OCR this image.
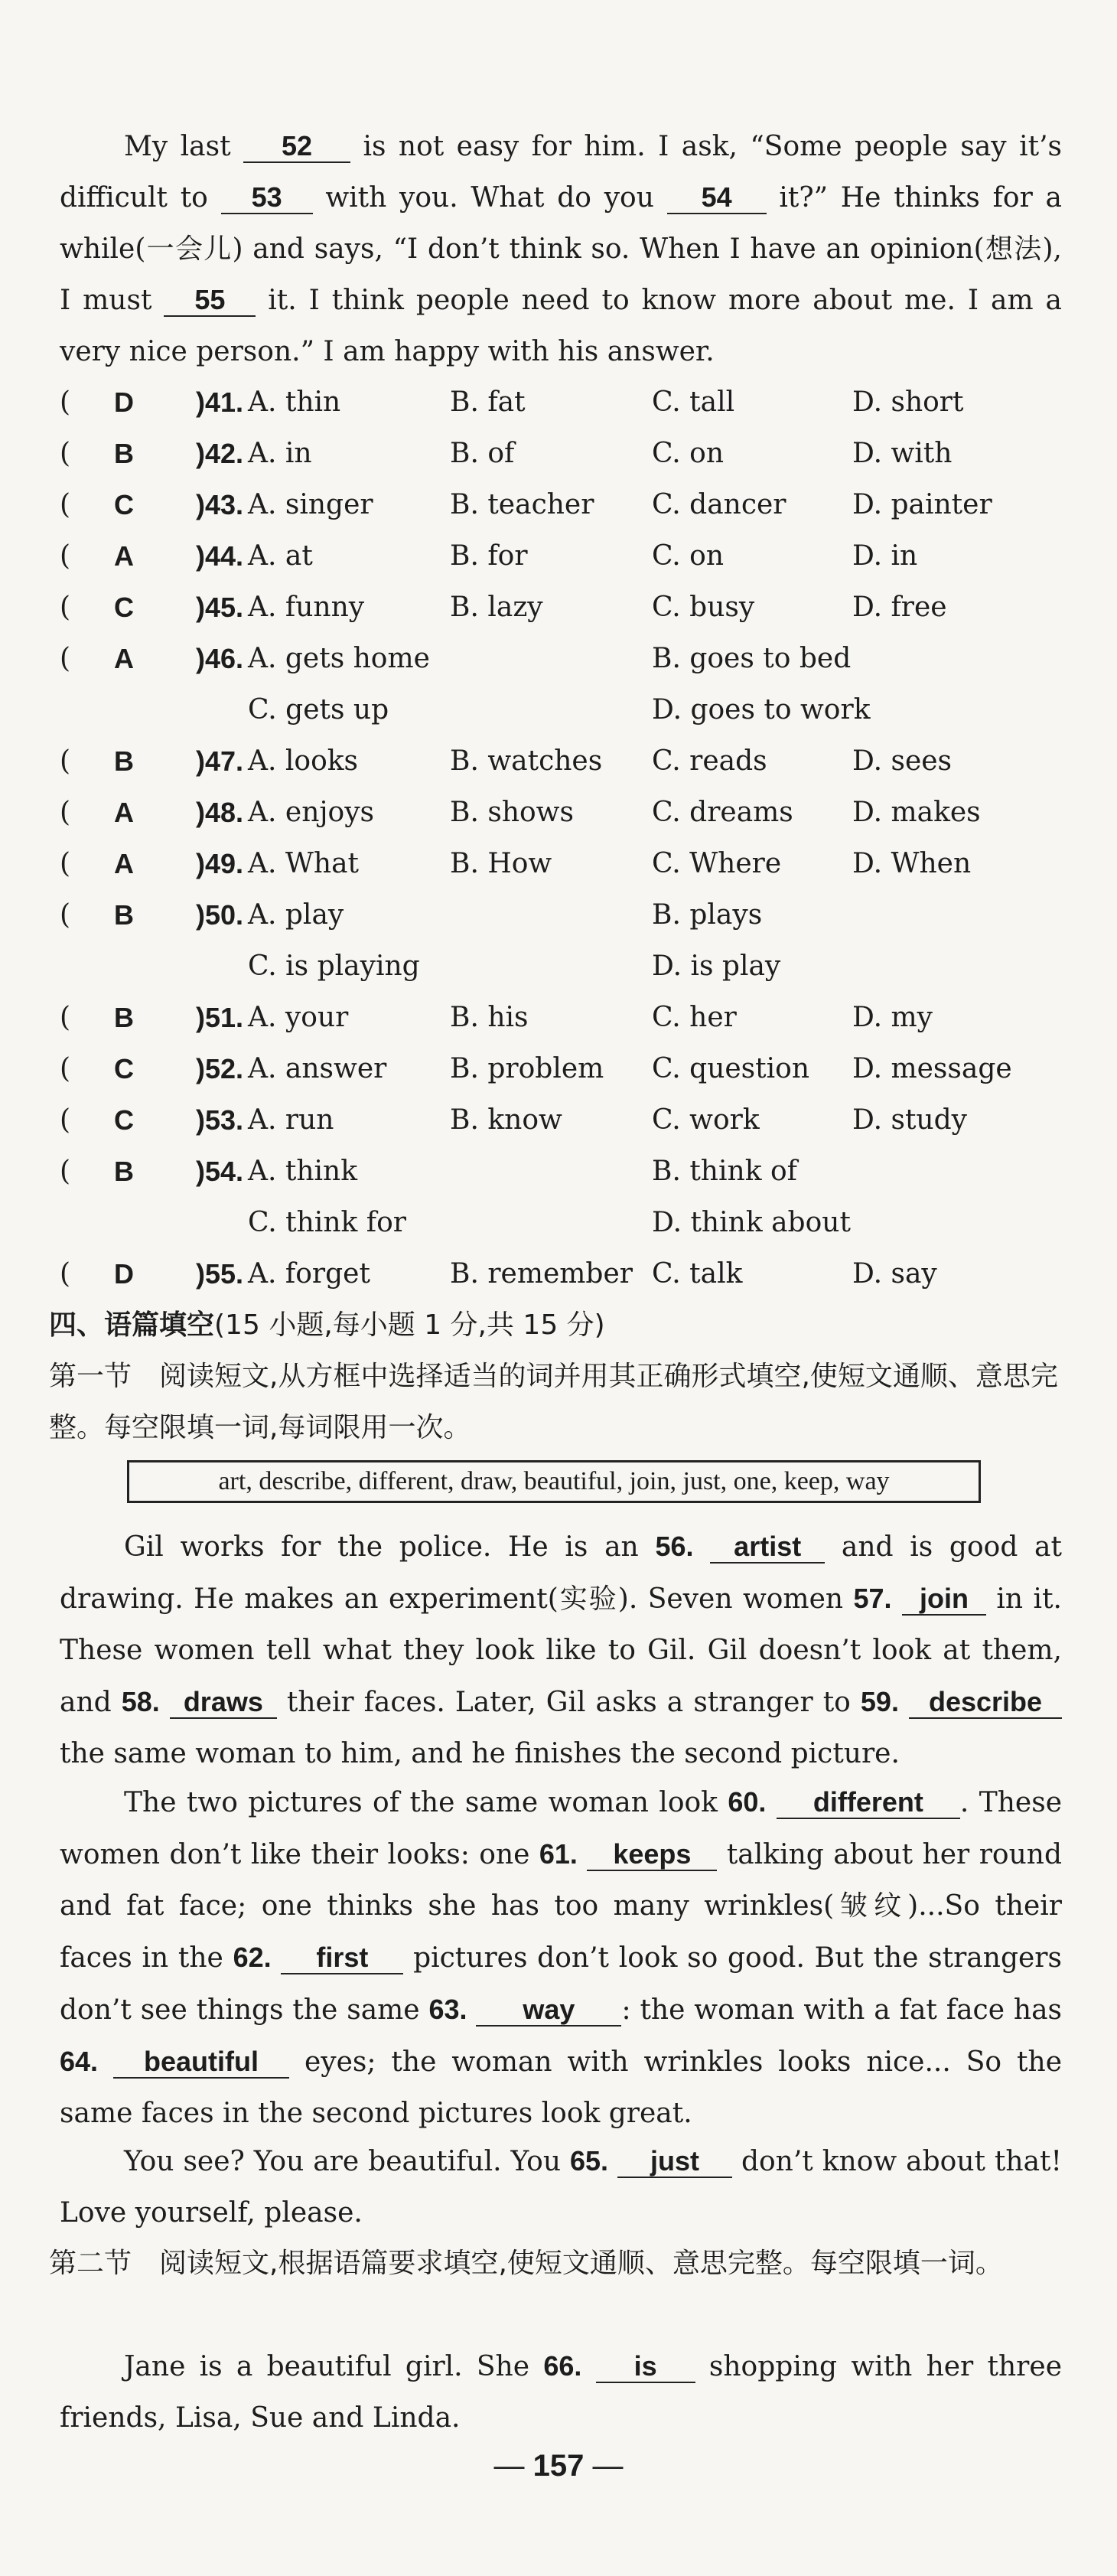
My last 52 is not easy for him. I ask, “Some people say it’s difficult to 53 with you. What do you 54 it?” He thinks for a while(一会儿) and says, “I don’t think so. When I have an opinion(想法), I must 55 it. I think people need to know more about me. I am a very nice person.” I am happy with his answer.
( D )41. A. thin	B. fat	C. tall	D. short
( B )42. A. in	B. of	C. on	D. with
( C )43. A. singer	B. teacher C. dancer D. painter
( A )44. A. at	B. for	C. on	D. in
( C )45. A. funny	B. lazy	C. busy	D. free
( A )46. A. gets home	B. goes to bed
C. gets up	D. goes to work
( B )47. A. looks	B. watches C. reads	D. sees
( A )48. A. enjoys	B. shows	C. dreams D. makes
( A )49. A. What	B. How	C. Where	D. When
( B )50. A. play	B. plays
C. is playing	D. is play
( B )51. A. your	B. his	C. her	D. my
( C )52. A. answer B. problem C. question D. message
( C )53. A. run	B. know	C. work	D. study
( B )54. A. think	B. think of
C. think for	D. think about
( D )55. A. forget	B. remember C. talk	D. say
四、语篇填空(15 小题,每小题 1 分,共 15 分)
第一节　阅读短文,从方框中选择适当的词并用其正确形式填空,使短文通顺、意思完整。每空限填一词,每词限用一次。
art, describe, different, draw, beautiful, join, just, one, keep, way
Gil works for the police. He is an 56. artist and is good at drawing. He makes an experiment(实验). Seven women 57. join in it. These women tell what they look like to Gil. Gil doesn’t look at them, and 58. draws their faces. Later, Gil asks a stranger to 59. describe the same woman to him, and he finishes the second picture.
The two pictures of the same woman look 60. different . These women don’t like their looks: one 61. keeps talking about her round and fat face; one thinks she has too many wrinkles(皱纹)...So their faces in the 62. first pictures don’t look so good. But the strangers don’t see things the same 63. way : the woman with a fat face has 64. beautiful eyes; the woman with wrinkles looks nice... So the same faces in the second pictures look great.
You see? You are beautiful. You 65. just don’t know about that! Love yourself, please.
第二节　阅读短文,根据语篇要求填空,使短文通顺、意思完整。每空限填一词。
Jane is a beautiful girl. She 66. is shopping with her three friends, Lisa, Sue and Linda.
— 157 —
